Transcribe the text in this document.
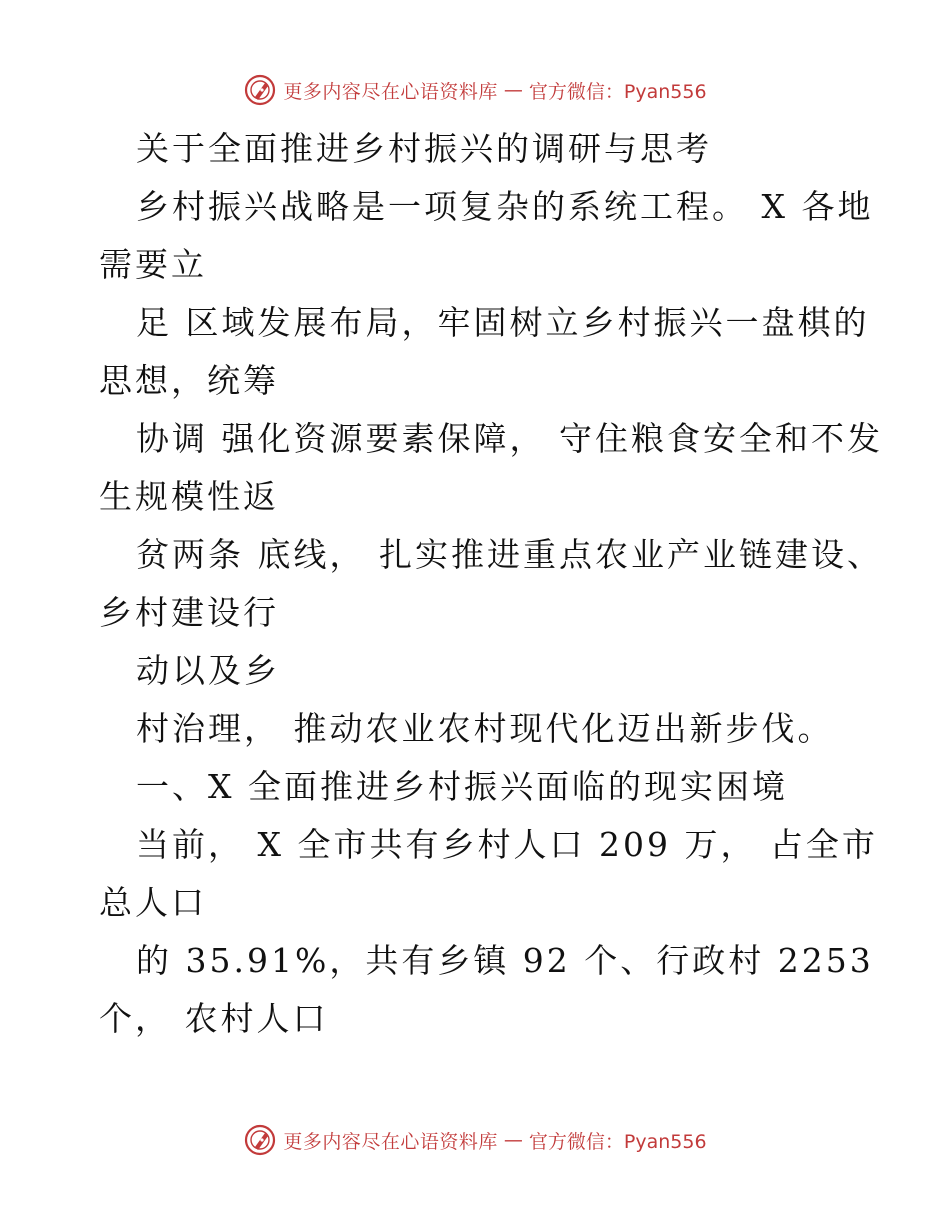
更多内容尽在心语资料库 — 官方微信：Pyan556
关于全面推进乡村振兴的调研与思考
乡村振兴战略是一项复杂的系统工程。 X 各地
需要立
足 区域发展布局，牢固树立乡村振兴一盘棋的
思想，统筹
协调 强化资源要素保障， 守住粮食安全和不发
生规模性返
贫两条 底线， 扎实推进重点农业产业链建设、
乡村建设行
动以及乡
村治理， 推动农业农村现代化迈出新步伐。
一、X 全面推进乡村振兴面临的现实困境
当前， X 全市共有乡村人口 209 万， 占全市
总人口
的 35.91%，共有乡镇 92 个、行政村 2253
个， 农村人口
更多内容尽在心语资料库 — 官方微信：Pyan556
